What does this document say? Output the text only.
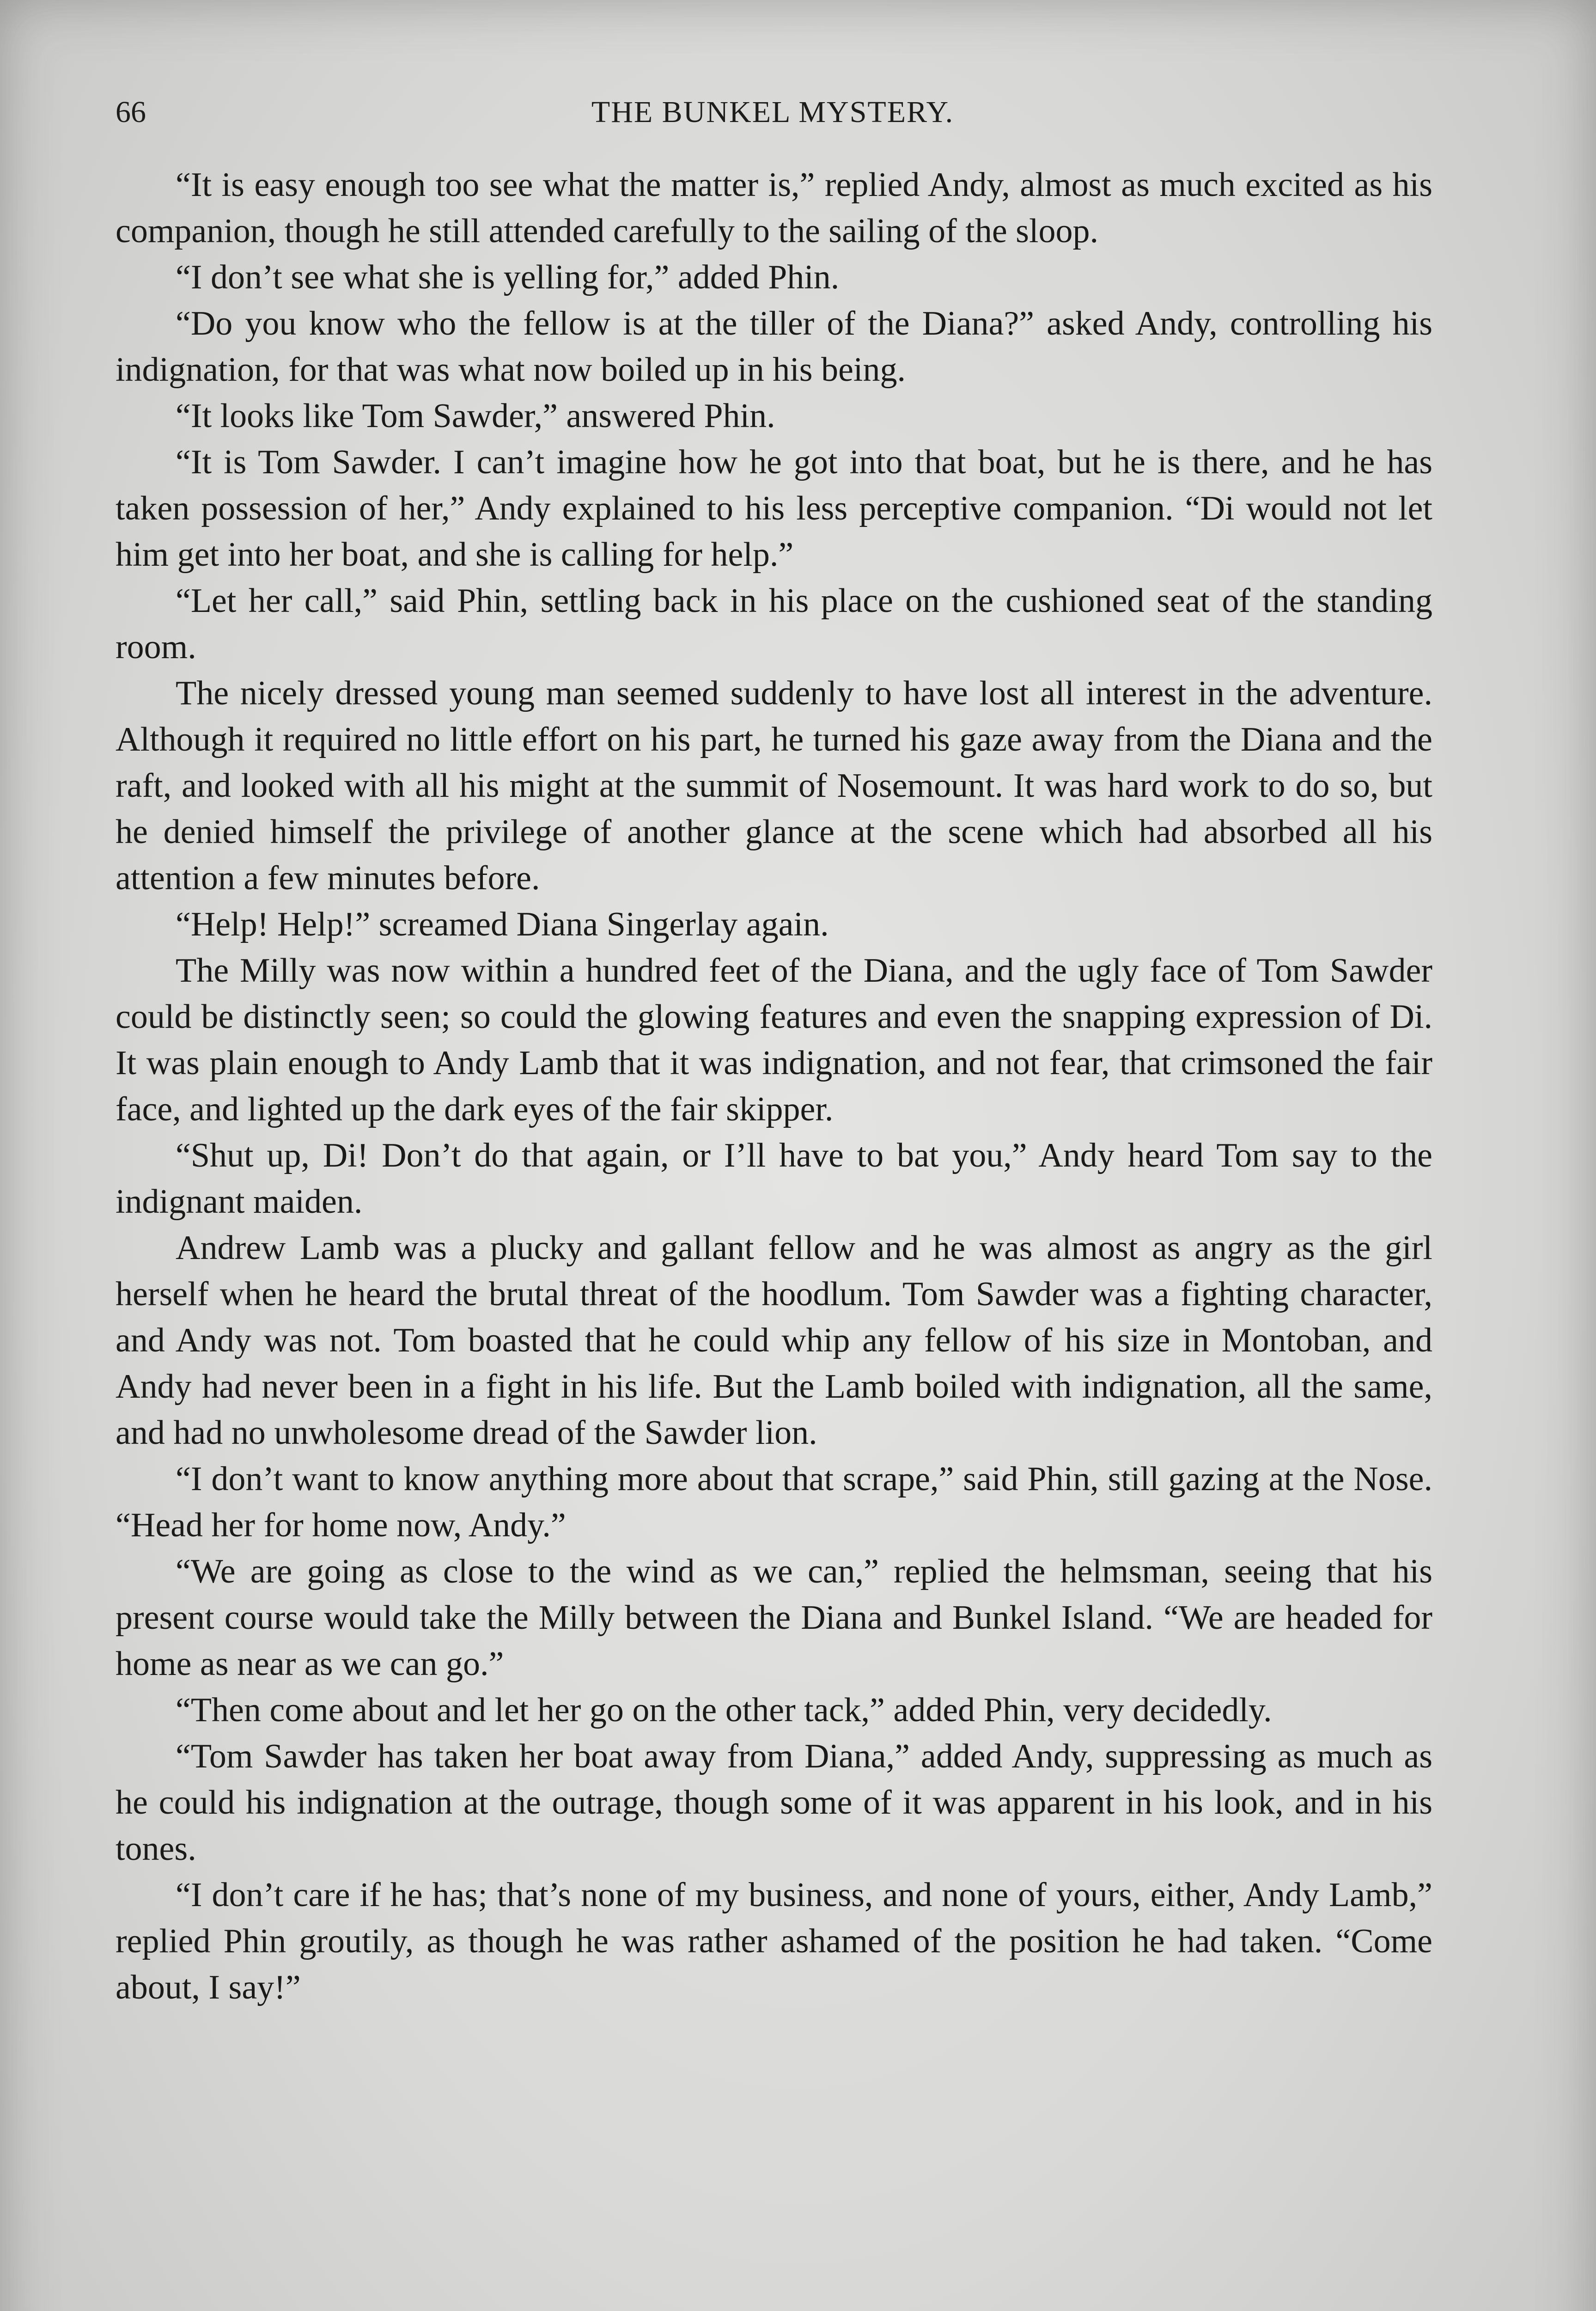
66	THE BUNKEL MYSTERY.

“It is easy enough too see what the matter is,” replied Andy, almost as much excited as his companion, though he still attended carefully to the sailing of the sloop.

“I don’t see what she is yelling for,” added Phin.

“Do you know who the fellow is at the tiller of the Diana?” asked Andy, controlling his indignation, for that was what now boiled up in his being.

“It looks like Tom Sawder,” answered Phin.

“It is Tom Sawder. I can’t imagine how he got into that boat, but he is there, and he has taken possession of her,” Andy explained to his less perceptive companion. “Di would not let him get into her boat, and she is calling for help.”

“Let her call,” said Phin, settling back in his place on the cushioned seat of the standing room.

The nicely dressed young man seemed suddenly to have lost all interest in the adventure. Although it required no little effort on his part, he turned his gaze away from the Diana and the raft, and looked with all his might at the summit of Nosemount. It was hard work to do so, but he denied himself the privilege of another glance at the scene which had absorbed all his attention a few minutes before.

“Help! Help!” screamed Diana Singerlay again.

The Milly was now within a hundred feet of the Diana, and the ugly face of Tom Sawder could be distinctly seen; so could the glowing features and even the snapping expression of Di. It was plain enough to Andy Lamb that it was indignation, and not fear, that crimsoned the fair face, and lighted up the dark eyes of the fair skipper.

“Shut up, Di! Don’t do that again, or I’ll have to bat you,” Andy heard Tom say to the indignant maiden.

Andrew Lamb was a plucky and gallant fellow and he was almost as angry as the girl herself when he heard the brutal threat of the hoodlum. Tom Sawder was a fighting character, and Andy was not. Tom boasted that he could whip any fellow of his size in Montoban, and Andy had never been in a fight in his life. But the Lamb boiled with indignation, all the same, and had no unwholesome dread of the Sawder lion.

“I don’t want to know anything more about that scrape,” said Phin, still gazing at the Nose. “Head her for home now, Andy.”

“We are going as close to the wind as we can,” replied the helmsman, seeing that his present course would take the Milly between the Diana and Bunkel Island. “We are headed for home as near as we can go.”

“Then come about and let her go on the other tack,” added Phin, very decidedly.

“Tom Sawder has taken her boat away from Diana,” added Andy, suppressing as much as he could his indignation at the outrage, though some of it was apparent in his look, and in his tones.

“I don’t care if he has; that’s none of my business, and none of yours, either, Andy Lamb,” replied Phin groutily, as though he was rather ashamed of the position he had taken. “Come about, I say!”
